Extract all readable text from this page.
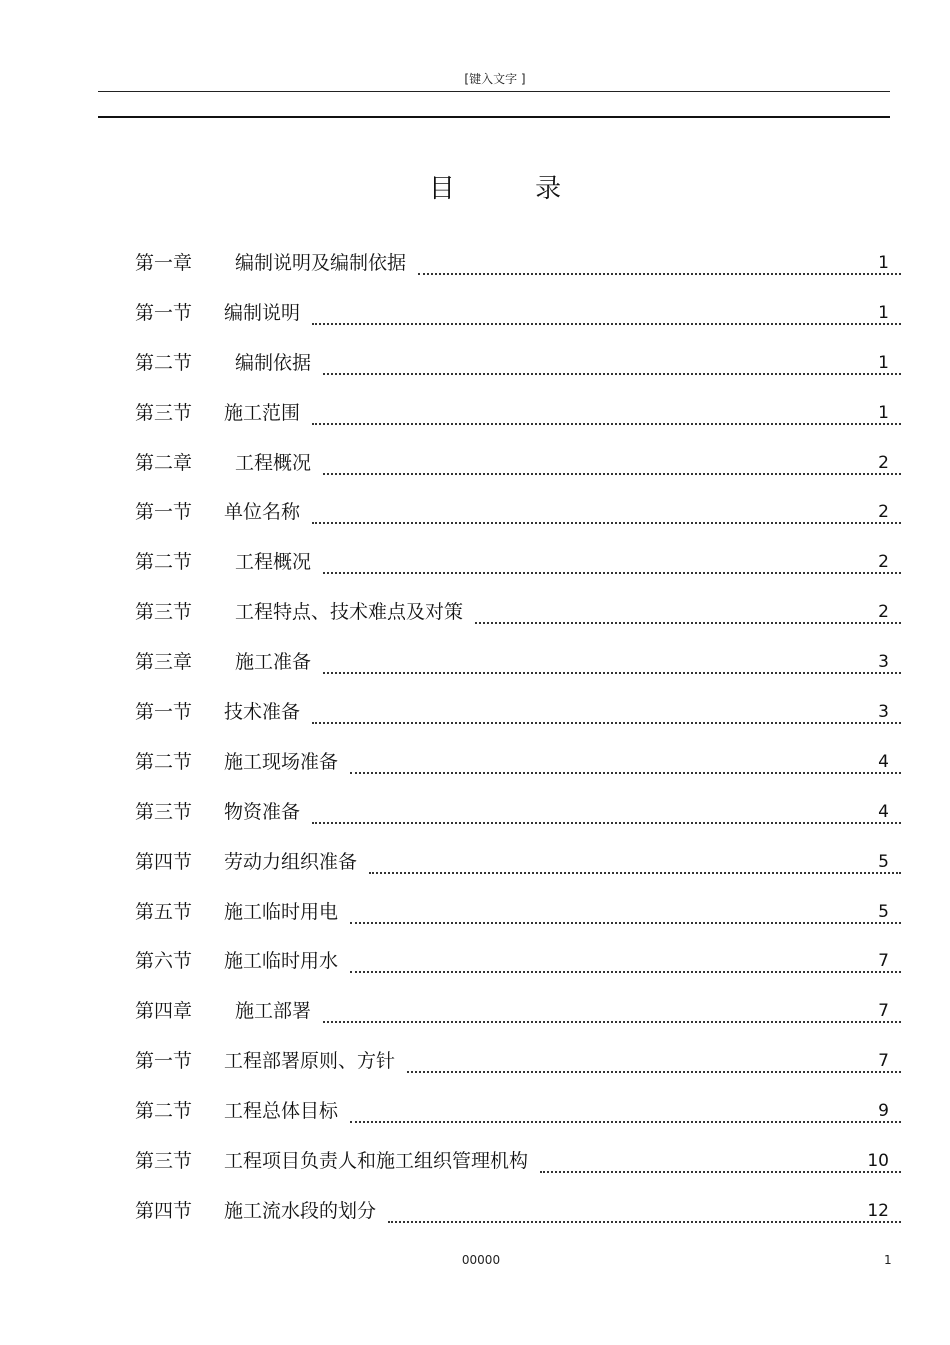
[键入文字 ]
目 录
第一章	编制说明及编制依据	1
第一节	编制说明	1
第二节	编制依据	1
第三节	施工范围	1
第二章	工程概况	2
第一节	单位名称	2
第二节	工程概况	2
第三节	工程特点、技术难点及对策	2
第三章	施工准备	3
第一节	技术准备	3
第二节	施工现场准备	4
第三节	物资准备	4
第四节	劳动力组织准备	5
第五节	施工临时用电	5
第六节	施工临时用水	7
第四章	施工部署	7
第一节	工程部署原则、方针	7
第二节	工程总体目标	9
第三节	工程项目负责人和施工组织管理机构	10
第四节	施工流水段的划分	12
00000	1
